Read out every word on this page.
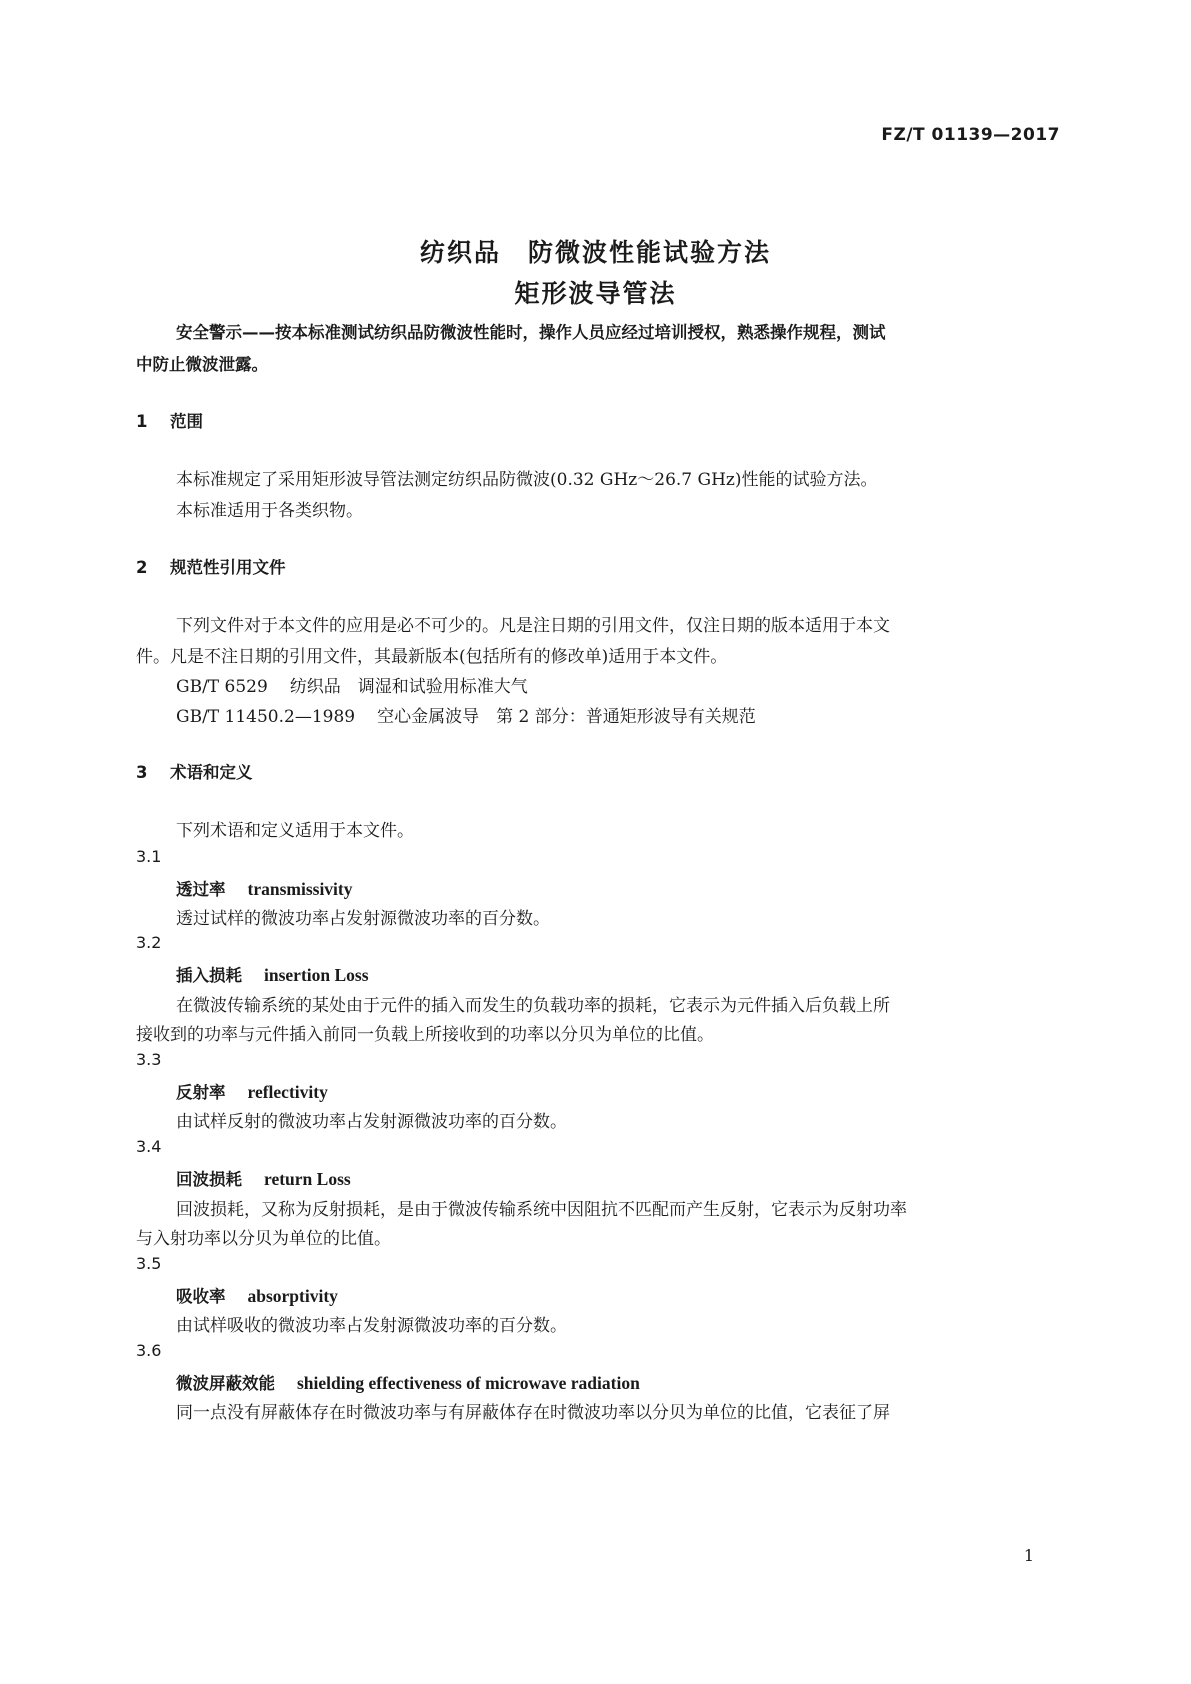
FZ/T 01139—2017
纺织品　防微波性能试验方法
矩形波导管法
安全警示——按本标准测试纺织品防微波性能时，操作人员应经过培训授权，熟悉操作规程，测试
中防止微波泄露。
1 范围
本标准规定了采用矩形波导管法测定纺织品防微波(0.32 GHz～26.7 GHz)性能的试验方法。
本标准适用于各类织物。
2 规范性引用文件
下列文件对于本文件的应用是必不可少的。凡是注日期的引用文件，仅注日期的版本适用于本文
件。凡是不注日期的引用文件，其最新版本(包括所有的修改单)适用于本文件。
GB/T 6529 纺织品　调湿和试验用标准大气
GB/T 11450.2—1989 空心金属波导　第 2 部分：普通矩形波导有关规范
3 术语和定义
下列术语和定义适用于本文件。
3.1
透过率 transmissivity
透过试样的微波功率占发射源微波功率的百分数。
3.2
插入损耗 insertion Loss
在微波传输系统的某处由于元件的插入而发生的负载功率的损耗，它表示为元件插入后负载上所
接收到的功率与元件插入前同一负载上所接收到的功率以分贝为单位的比值。
3.3
反射率 reflectivity
由试样反射的微波功率占发射源微波功率的百分数。
3.4
回波损耗 return Loss
回波损耗，又称为反射损耗，是由于微波传输系统中因阻抗不匹配而产生反射，它表示为反射功率
与入射功率以分贝为单位的比值。
3.5
吸收率 absorptivity
由试样吸收的微波功率占发射源微波功率的百分数。
3.6
微波屏蔽效能 shielding effectiveness of microwave radiation
同一点没有屏蔽体存在时微波功率与有屏蔽体存在时微波功率以分贝为单位的比值，它表征了屏
1
